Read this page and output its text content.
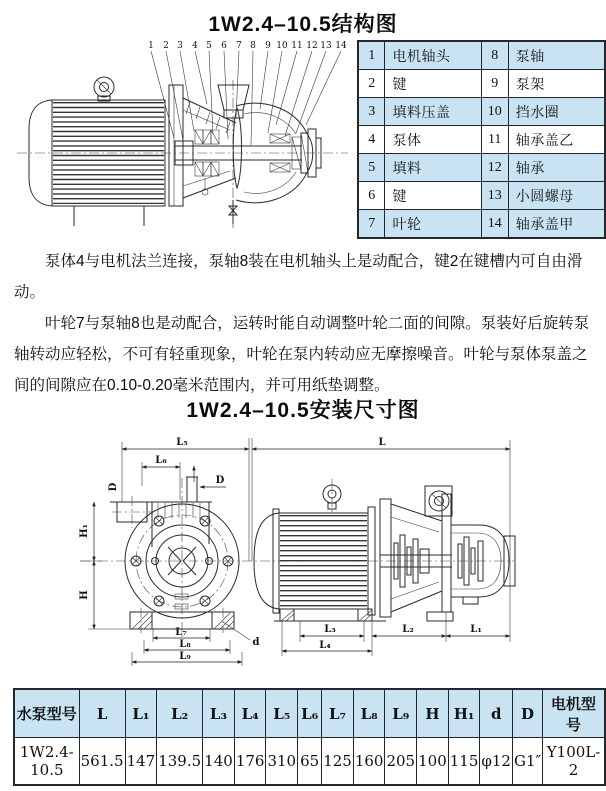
1W2.4–10.5结构图
1 2 3 4 5 6 7 8 9 10 11 12 13 14
1	电机轴头	8	泵轴
2	键	9	泵架
3	填料压盖	10	挡水圈
4	泵体	11	轴承盖乙
5	填料	12	轴承
6	键	13	小圆螺母
7	叶轮	14	轴承盖甲

泵体4与电机法兰连接，泵轴8装在电机轴头上是动配合，键2在键槽内可自由滑动。

叶轮7与泵轴8也是动配合，运转时能自动调整叶轮二面的间隙。泵装好后旋转泵轴转动应轻松，不可有轻重现象，叶轮在泵内转动应无摩擦噪音。叶轮与泵体泵盖之间的间隙应在0.10-0.20毫米范围内，并可用纸垫调整。

1W2.4–10.5安装尺寸图
L₅	L
L₆
D
D
H₁
H
L₇
L₈
L₉
d
L₃
L₄
L₂	L₁
水泵型号	L	L₁	L₂	L₃	L₄	L₅	L₆	L₇	L₈	L₉	H	H₁	d	D	电机型号
1W2.4-10.5	561.5	147	139.5	140	176	310	65	125	160	205	100	115	φ12	G1″	Y100L-2
